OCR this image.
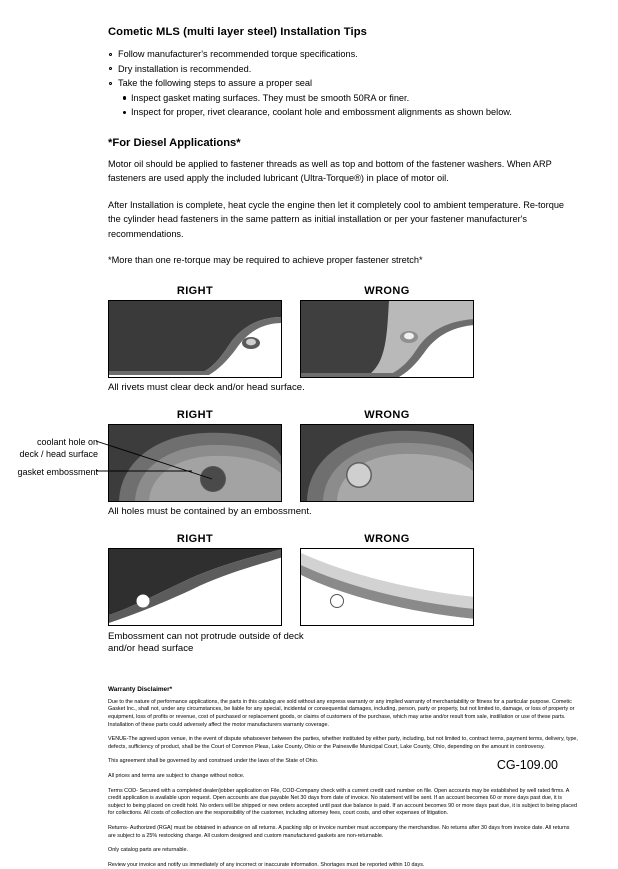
Cometic MLS (multi layer steel) Installation Tips
Follow manufacturer's recommended torque specifications.
Dry installation is recommended.
Take the following steps to assure a proper seal
Inspect gasket mating surfaces. They must be smooth 50RA or finer.
Inspect for proper, rivet clearance, coolant hole and embossment alignments as shown below.
*For Diesel Applications*

Motor oil should be applied to fastener threads as well as top and bottom of the fastener washers. When ARP fasteners are used apply the included lubricant (Ultra-Torque®) in place of motor oil.

After Installation is complete, heat cycle the engine then let it completely cool to ambient temperature. Re-torque the cylinder head fasteners in the same pattern as initial installation or per your fastener manufacturer's recommendations.

*More than one re-torque may be required to achieve proper fastener stretch*

RIGHT	WRONG
All rivets must clear deck and/or head surface.
RIGHT	WRONG
coolant hole on
deck / head surface
gasket embossment
All holes must be contained by an embossment.
RIGHT	WRONG
Embossment can not protrude outside of deck
and/or head surface
Warranty Disclaimer*

Due to the nature of performance applications, the parts in this catalog are sold without any express warranty or any implied warranty of merchantability or fitness for a particular purpose. Cometic Gasket Inc., shall not, under any circumstances, be liable for any special, incidental or consequential damages, including, person, party or property, but not limited to, damage, or loss of property or equipment, loss of profits or revenue, cost of purchased or replacement goods, or claims of customers of the purchase, which may arise and/or result from sale, instillation or use of these parts. Installation of these parts could adversely affect the motor manufacturers warranty coverage.

VENUE-The agreed upon venue, in the event of dispute whatsoever between the parties, whether instituted by either party, including, but not limited to, contract terms, payment terms, delivery, type, defects, sufficiency of product, shall be the Court of Common Pleas, Lake County, Ohio or the Painesville Municipal Court, Lake County, Ohio, depending on the amount in controversy.

This agreement shall be governed by and construed under the laws of the State of Ohio.

All prices and terms are subject to change without notice.

Terms COD- Secured with a completed dealer/jobber application on File, COD-Company check with a current credit card number on file. Open accounts may be established by well rated firms. A credit application is available upon request. Open accounts are due payable Net 30 days from date of invoice. No statement will be sent. If an account becomes 60 or more days past due, it is subject to being placed on credit hold. No orders will be shipped or new orders accepted until past due balance is paid. If an account becomes 90 or more days past due, it is subject to being placed for collections. All costs of collection are the responsibility of the customer, including attorney fees, court costs, and other expenses of litigation.

Returns- Authorized (RGA) must be obtained in advance on all returns. A packing slip or invoice number must accompany the merchandise. No returns after 30 days from invoice date. All returns are subject to a 25% restocking charge. All custom designed and custom manufactured gaskets are non-returnable.

Only catalog parts are returnable.

Review your invoice and notify us immediately of any incorrect or inaccurate information. Shortages must be reported within 10 days.

CG-109.00
